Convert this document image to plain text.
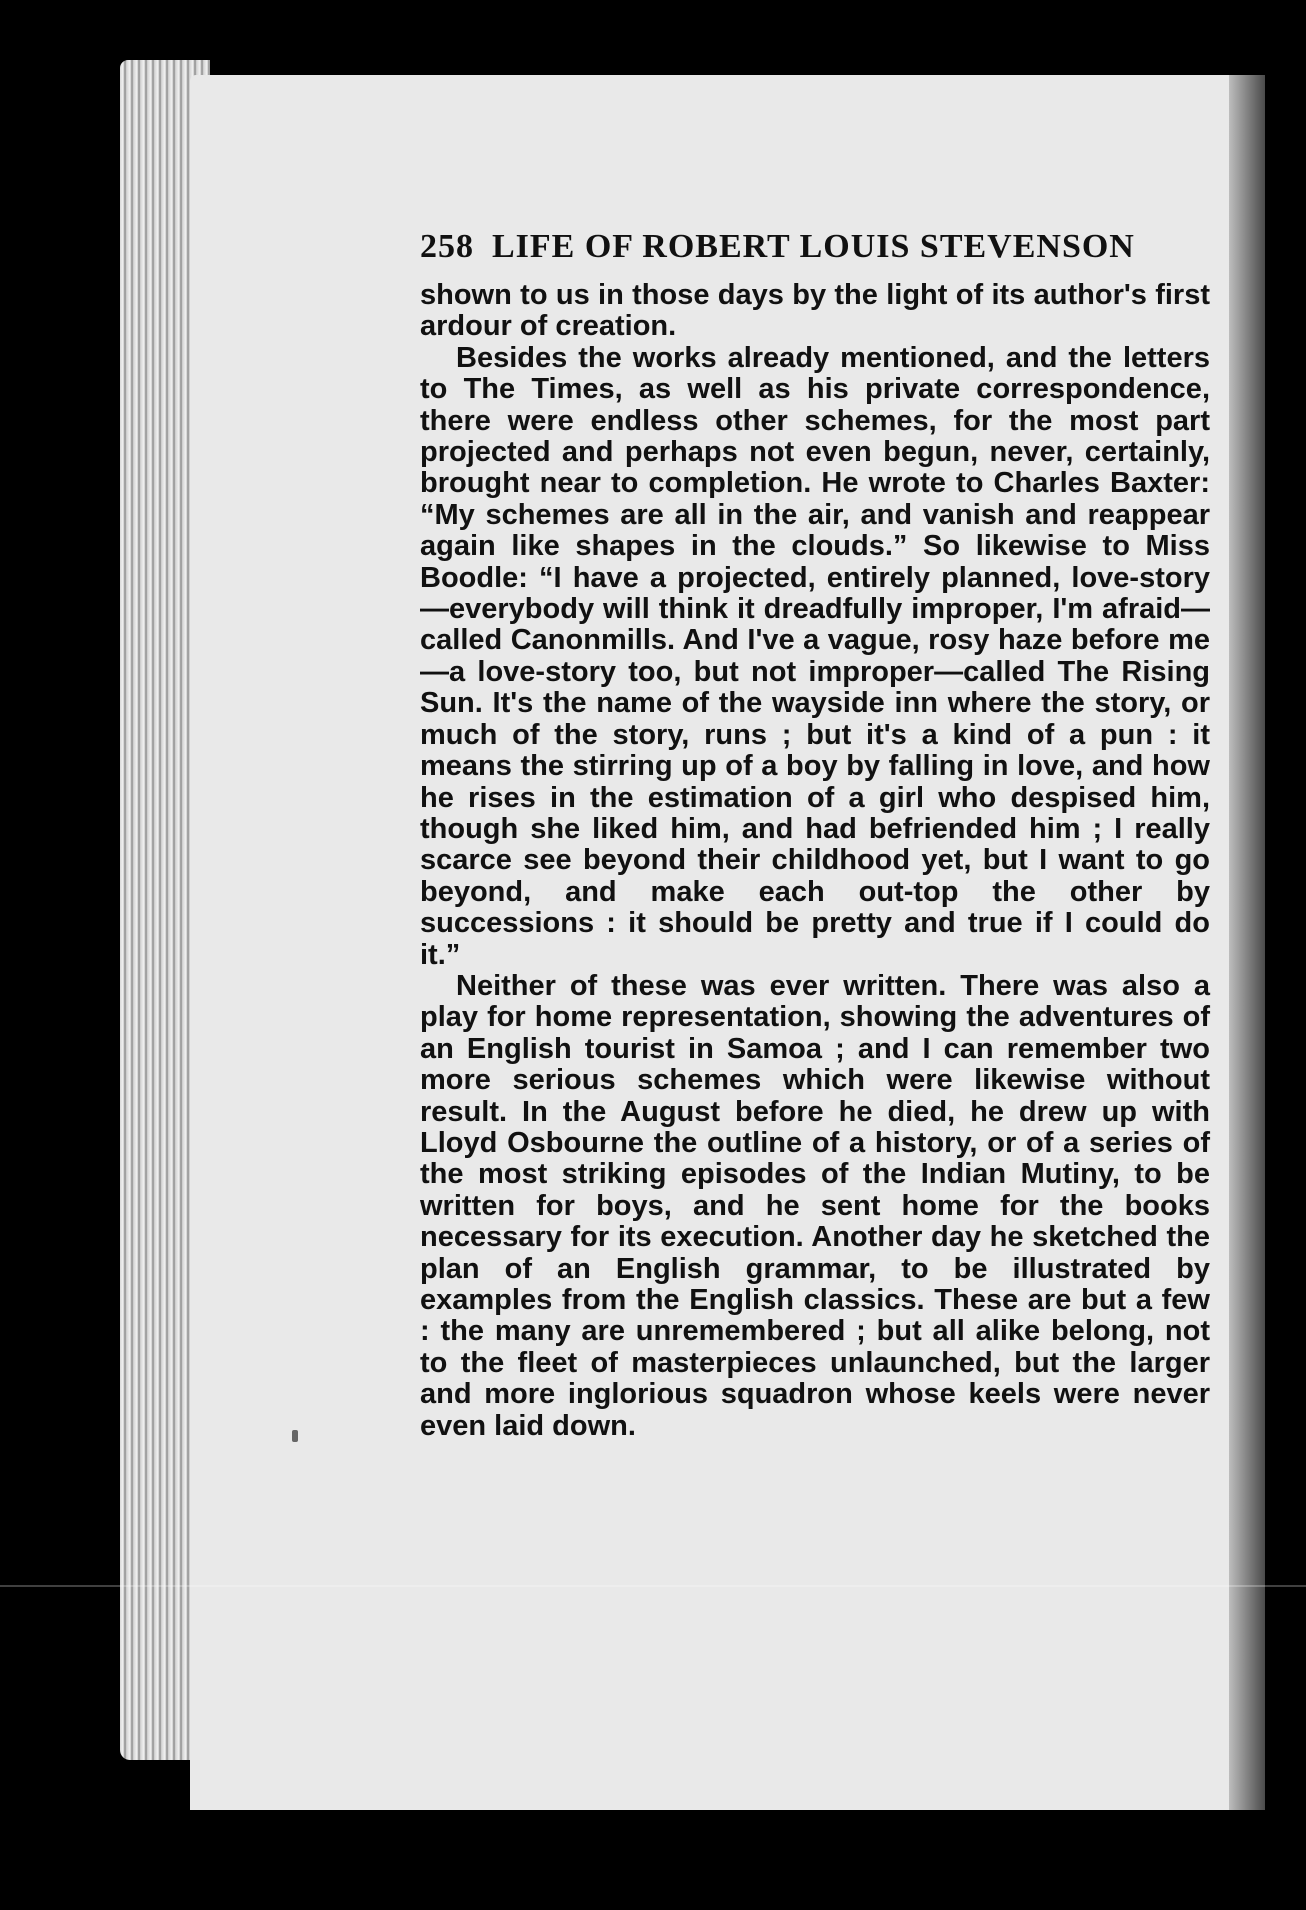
258 LIFE OF ROBERT LOUIS STEVENSON

shown to us in those days by the light of its author's first ardour of creation.

Besides the works already mentioned, and the letters to The Times, as well as his private correspondence, there were endless other schemes, for the most part projected and perhaps not even begun, never, certainly, brought near to completion. He wrote to Charles Baxter: “My schemes are all in the air, and vanish and reappear again like shapes in the clouds.” So likewise to Miss Boodle: “I have a projected, entirely planned, love-story—everybody will think it dreadfully improper, I'm afraid—called Canonmills. And I've a vague, rosy haze before me—a love-story too, but not improper—called The Rising Sun. It's the name of the wayside inn where the story, or much of the story, runs ; but it's a kind of a pun : it means the stirring up of a boy by falling in love, and how he rises in the estimation of a girl who despised him, though she liked him, and had befriended him ; I really scarce see beyond their childhood yet, but I want to go beyond, and make each out-top the other by successions : it should be pretty and true if I could do it.”

Neither of these was ever written. There was also a play for home representation, showing the adventures of an English tourist in Samoa ; and I can remember two more serious schemes which were likewise without result. In the August before he died, he drew up with Lloyd Osbourne the outline of a history, or of a series of the most striking episodes of the Indian Mutiny, to be written for boys, and he sent home for the books necessary for its execution. Another day he sketched the plan of an English grammar, to be illustrated by examples from the English classics. These are but a few : the many are unremembered ; but all alike belong, not to the fleet of masterpieces unlaunched, but the larger and more inglorious squadron whose keels were never even laid down.
